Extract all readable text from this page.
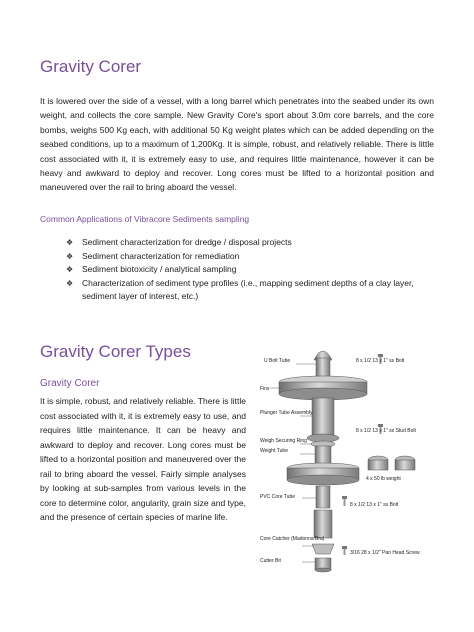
Gravity Corer

It is lowered over the side of a vessel, with a long barrel which penetrates into the seabed under its own weight, and collects the core sample. New Gravity Core's sport about 3.0m core barrels, and the core bombs, weighs 500 Kg each, with additional 50 Kg weight plates which can be added depending on the seabed conditions, up to a maximum of 1,200Kg. It is simple, robust, and relatively reliable. There is little cost associated with it, it is extremely easy to use, and requires little maintenance, however it can be heavy and awkward to deploy and recover. Long cores must be lifted to a horizontal position and maneuvered over the rail to bring aboard the vessel.

Common Applications of Vibracore Sediments sampling

❖ Sediment characterization for dredge / disposal projects
❖ Sediment characterization for remediation
❖ Sediment biotoxicity / analytical sampling
❖ Characterization of sediment type profiles (i.e., mapping sediment depths of a clay layer, sediment layer of interest, etc.)
Gravity Corer Types

Gravity Corer

It is simple, robust, and relatively reliable. There is little cost associated with it, it is extremely easy to use, and requires little maintenance. It can be heavy and awkward to deploy and recover. Long cores must be lifted to a horizontal position and maneuvered over the rail to bring aboard the vessel. Fairly simple analyses by looking at sub-samples from various levels in the core to determine color, angularity, grain size and type, and the presence of certain species of marine life.

U Bolt Tube
Fins
Plunger Tube Assembly
Weigh Securing Ring
Weight Tube
PVC Core Tube
Core Catcher (Madonna Bra)
Cutter Bit
8 x 1/2 13 x 1" ss Bolt
8 x 1/2 13 x 1" ss Stud Bolt
4 x 50 lb weight
8 x 1/2 13 x 1" ss Bolt
3/16 28 x 1/2" Pan Head Screw
